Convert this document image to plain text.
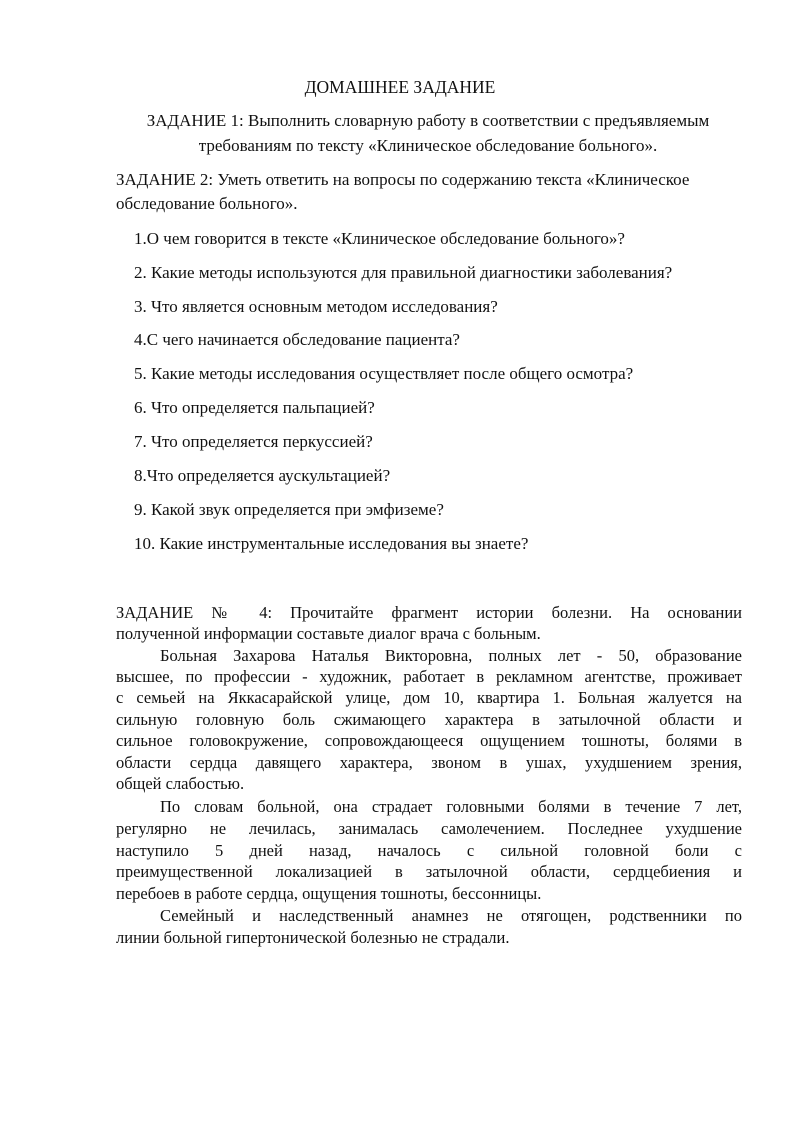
ДОМАШНЕЕ ЗАДАНИЕ
ЗАДАНИЕ 1: Выполнить словарную работу в соответствии с предъявляемым
требованиям по тексту «Клиническое обследование больного».
ЗАДАНИЕ 2: Уметь ответить на вопросы по содержанию текста «Клиническое
обследование больного».
1.О чем говорится в тексте «Клиническое обследование больного»?
2. Какие методы используются для правильной диагностики заболевания?
3. Что является основным методом исследования?
4.С чего начинается обследование пациента?
5. Какие методы исследования осуществляет после общего осмотра?
6. Что определяется пальпацией?
7. Что определяется перкуссией?
8.Что определяется аускультацией?
9. Какой звук определяется при эмфиземе?
10. Какие инструментальные исследования вы знаете?
ЗАДАНИЕ № 4: Прочитайте фрагмент истории болезни. На основании
полученной информации составьте диалог врача с больным.
Больная Захарова Наталья Викторовна, полных лет - 50, образование
высшее, по профессии - художник, работает в рекламном агентстве, проживает
с семьей на Яккасарайской улице, дом 10, квартира 1. Больная жалуется на
сильную головную боль сжимающего характера в затылочной области и
сильное головокружение, сопровождающееся ощущением тошноты, болями в
области сердца давящего характера, звоном в ушах, ухудшением зрения,
общей слабостью.
По словам больной, она страдает головными болями в течение 7 лет,
регулярно не лечилась, занималась самолечением. Последнее ухудшение
наступило 5 дней назад, началось с сильной головной боли с
преимущественной локализацией в затылочной области, сердцебиения и
перебоев в работе сердца, ощущения тошноты, бессонницы.
Семейный и наследственный анамнез не отягощен, родственники по
линии больной гипертонической болезнью не страдали.
